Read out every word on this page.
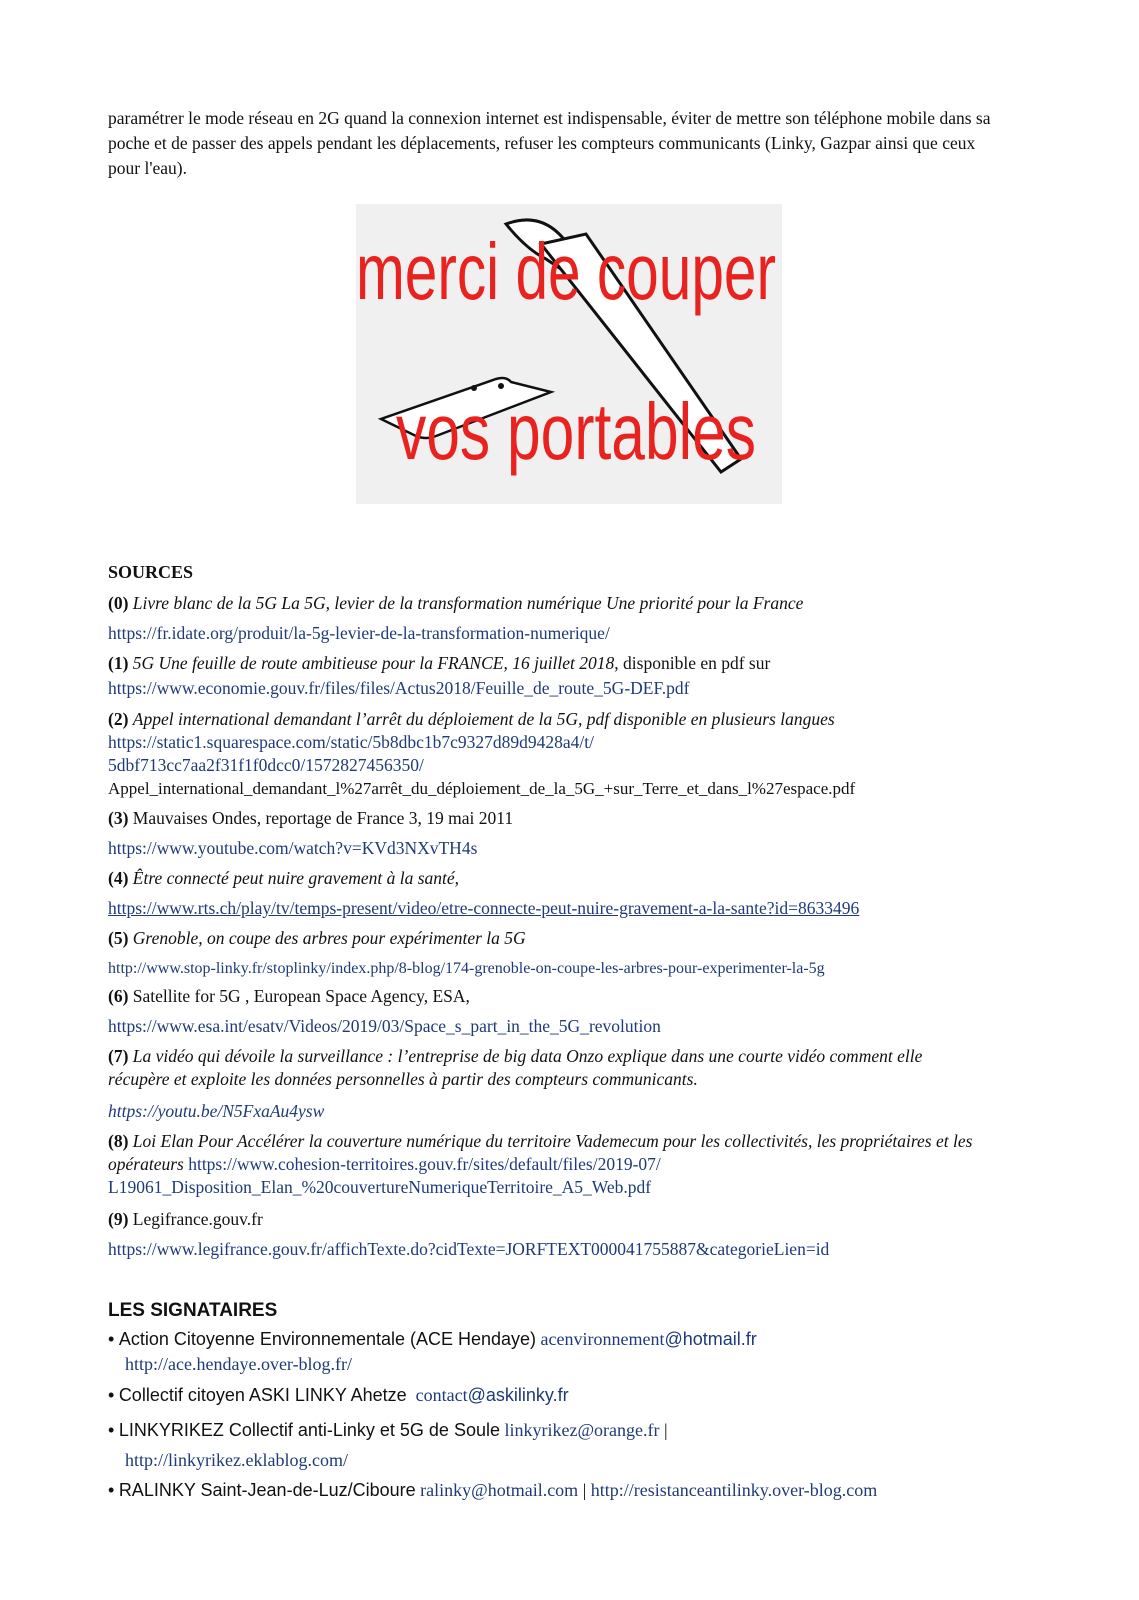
paramétrer le mode réseau en 2G quand la connexion internet est indispensable, éviter de mettre son téléphone mobile dans sa poche et de passer des appels pendant les déplacements, refuser les compteurs communicants (Linky, Gazpar ainsi que ceux pour l'eau).

merci de couper
vos portables
SOURCES
(0) Livre blanc de la 5G La 5G, levier de la transformation numérique Une priorité pour la France
https://fr.idate.org/produit/la-5g-levier-de-la-transformation-numerique/
(1) 5G Une feuille de route ambitieuse pour la FRANCE, 16 juillet 2018, disponible en pdf sur
https://www.economie.gouv.fr/files/files/Actus2018/Feuille_de_route_5G-DEF.pdf
(2) Appel international demandant l’arrêt du déploiement de la 5G, pdf disponible en plusieurs langues
https://static1.squarespace.com/static/5b8dbc1b7c9327d89d9428a4/t/
5dbf713cc7aa2f31f1f0dcc0/1572827456350/
Appel_international_demandant_l%27arrêt_du_déploiement_de_la_5G_+sur_Terre_et_dans_l%27espace.pdf
(3) Mauvaises Ondes, reportage de France 3, 19 mai 2011
https://www.youtube.com/watch?v=KVd3NXvTH4s
(4) Être connecté peut nuire gravement à la santé,
https://www.rts.ch/play/tv/temps-present/video/etre-connecte-peut-nuire-gravement-a-la-sante?id=8633496
(5) Grenoble, on coupe des arbres pour expérimenter la 5G
http://www.stop-linky.fr/stoplinky/index.php/8-blog/174-grenoble-on-coupe-les-arbres-pour-experimenter-la-5g
(6) Satellite for 5G , European Space Agency, ESA,
https://www.esa.int/esatv/Videos/2019/03/Space_s_part_in_the_5G_revolution
(7) La vidéo qui dévoile la surveillance : l’entreprise de big data Onzo explique dans une courte vidéo comment elle récupère et exploite les données personnelles à partir des compteurs communicants.
https://youtu.be/N5FxaAu4ysw
(8) Loi Elan Pour Accélérer la couverture numérique du territoire Vademecum pour les collectivités, les propriétaires et les opérateurs https://www.cohesion-territoires.gouv.fr/sites/default/files/2019-07/
L19061_Disposition_Elan_%20couvertureNumeriqueTerritoire_A5_Web.pdf
(9) Legifrance.gouv.fr
https://www.legifrance.gouv.fr/affichTexte.do?cidTexte=JORFTEXT000041755887&categorieLien=id
LES SIGNATAIRES
• Action Citoyenne Environnementale (ACE Hendaye) acenvironnement@hotmail.fr
http://ace.hendaye.over-blog.fr/
• Collectif citoyen ASKI LINKY Ahetze contact@askilinky.fr
• LINKYRIKEZ Collectif anti-Linky et 5G de Soule linkyrikez@orange.fr |
http://linkyrikez.eklablog.com/
• RALINKY Saint-Jean-de-Luz/Ciboure ralinky@hotmail.com | http://resistanceantilinky.over-blog.com
